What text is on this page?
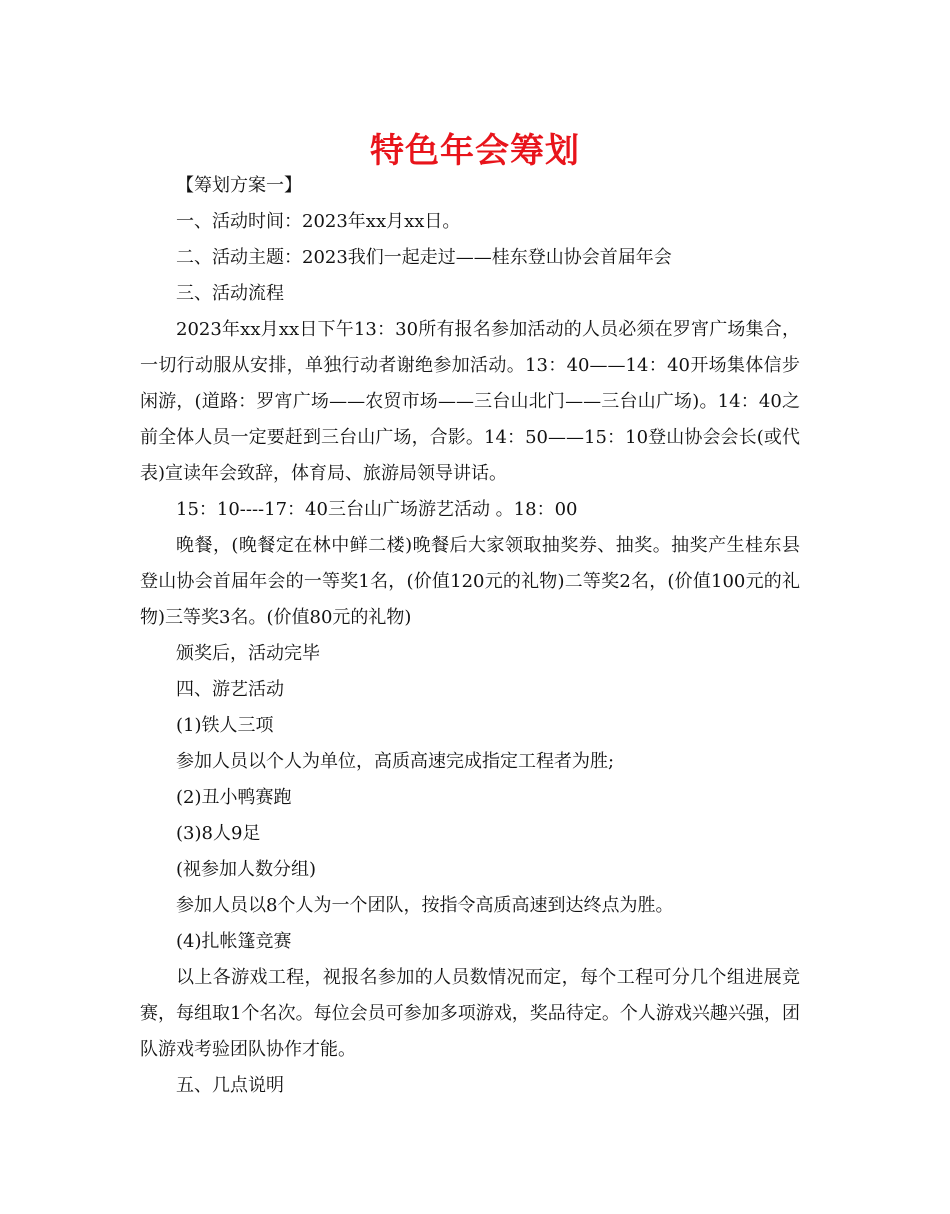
特色年会筹划

【筹划方案一】

一、活动时间：2023年xx月xx日。

二、活动主题：2023我们一起走过——桂东登山协会首届年会

三、活动流程

2023年xx月xx日下午13：30所有报名参加活动的人员必须在罗宵广场集合，一切行动服从安排，单独行动者谢绝参加活动。13：40——14：40开场集体信步闲游，(道路：罗宵广场——农贸市场——三台山北门——三台山广场)。14：40之前全体人员一定要赶到三台山广场，合影。14：50——15：10登山协会会长(或代表)宣读年会致辞，体育局、旅游局领导讲话。

15：10----17：40三台山广场游艺活动 。18：00

晚餐，(晚餐定在林中鲜二楼)晚餐后大家领取抽奖券、抽奖。抽奖产生桂东县登山协会首届年会的一等奖1名，(价值120元的礼物)二等奖2名，(价值100元的礼物)三等奖3名。(价值80元的礼物)

颁奖后，活动完毕

四、游艺活动

(1)铁人三项

参加人员以个人为单位，高质高速完成指定工程者为胜;

(2)丑小鸭赛跑

(3)8人9足

(视参加人数分组)

参加人员以8个人为一个团队，按指令高质高速到达终点为胜。

(4)扎帐篷竞赛

以上各游戏工程，视报名参加的人员数情况而定，每个工程可分几个组进展竞赛，每组取1个名次。每位会员可参加多项游戏，奖品待定。个人游戏兴趣兴强，团队游戏考验团队协作才能。

五、几点说明
